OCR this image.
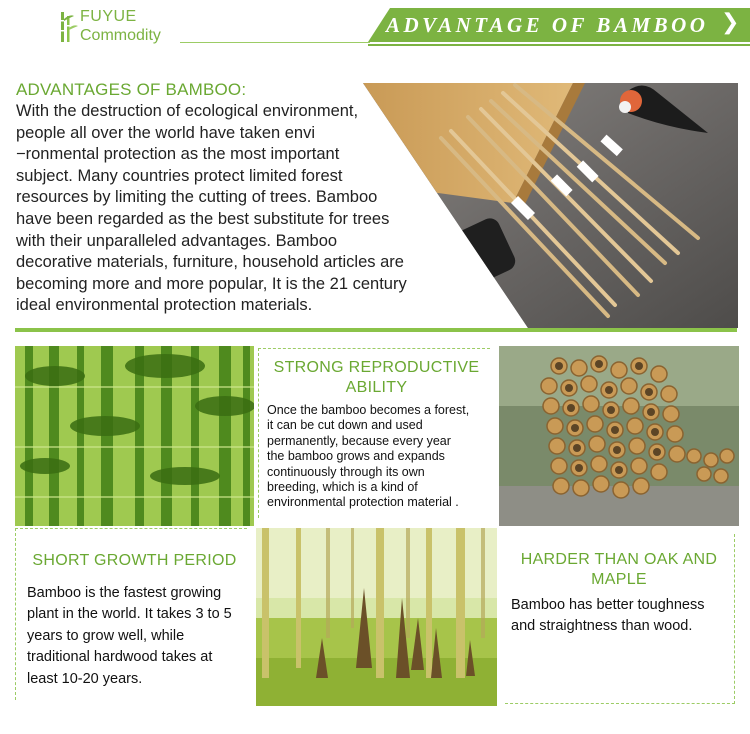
FUYUE
Commodity	ADVANTAGE OF BAMBOO ❯
ADVANTAGES OF BAMBOO:
With the destruction of ecological environment,
people all over the world have taken envi
−ronmental protection as the most important
subject. Many countries protect limited forest
resources by limiting the cutting of trees. Bamboo
have been regarded as the best substitute for trees
with their unparalleled advantages. Bamboo
decorative materials, furniture, household articles are
becoming more and more popular, It is the 21 century
ideal environmental protection materials.
STRONG REPRODUCTIVE
ABILITY
Once the bamboo becomes a forest,
it can be cut down and used
permanently, because every year
the bamboo grows and expands
continuously through its own
breeding, which is a kind of
environmental protection material .
SHORT GROWTH PERIOD
Bamboo is the fastest growing
plant in the world. It takes 3 to 5
years to grow well, while
traditional hardwood takes at
least 10-20 years.
HARDER THAN OAK AND
MAPLE
Bamboo has better toughness
and straightness than wood.
